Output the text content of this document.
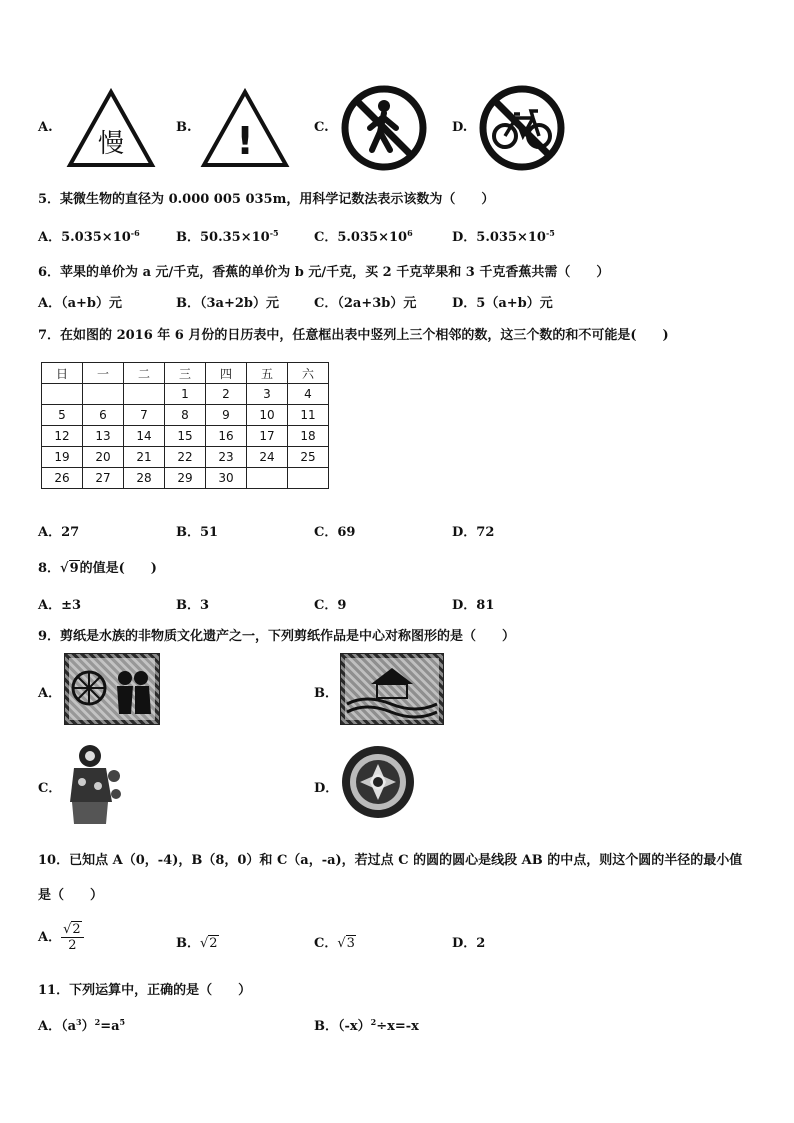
A.
慢
B. !	C.	D.
5．某微生物的直径为 0.000 005 035m，用科学记数法表示该数为（　　）
A．$5.035\times 10^{-6}$	B．$50.35\times 10^{-5}$	C．$5.035\times 10^6$	D．$5.035\times 10^{-5}$
6．苹果的单价为 a 元/千克，香蕉的单价为 b 元/千克，买 2 千克苹果和 3 千克香蕉共需（　　）
A．（a+b）元	B．（3a+2b）元	C．（2a+3b）元	D．5（a+b）元
7．在如图的 2016 年 6 月份的日历表中，任意框出表中竖列上三个相邻的数，这三个数的和不可能是(　　)
日	一	二	三	四	五	六
			1	2	3	4
5	6	7	8	9	10	11
12	13	14	15	16	17	18
19	20	21	22	23	24	25
26	27	28	29	30		
A．27	B．51	C．69	D．72
8．√9的值是(　　)
A．±3	B．3	C．9	D．81
9．剪纸是水族的非物质文化遗产之一，下列剪纸作品是中心对称图形的是（　　）
A．	B．
C．	D．
10．已知点 A（0，-4)，B（8，0）和 C（a，-a)，若过点 C 的圆的圆心是线段 AB 的中点，则这个圆的半径的最小值
是（　　）
A． $\frac{√2}{2}$	B．√2	C．√3	D．2
11．下列运算中，正确的是（　　）
A．$(a^3)^2=a^5$	B．$(-x)^2\div x=-x$
